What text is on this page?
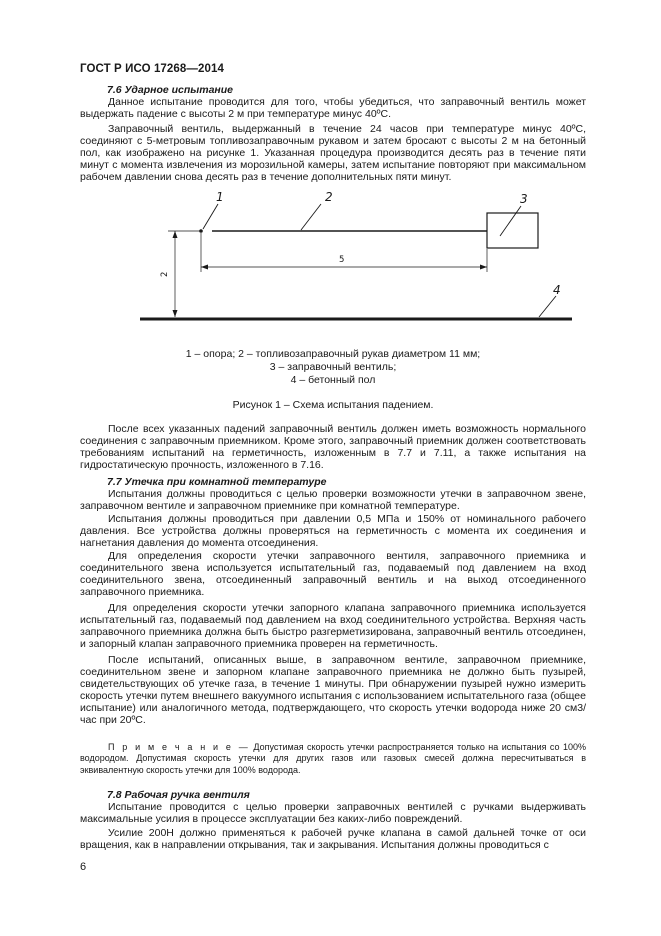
ГОСТ Р ИСО 17268—2014
7.6 Ударное испытание

Данное испытание проводится для того, чтобы убедиться, что заправочный вентиль может выдержать падение с высоты 2 м при температуре минус 40ºС.

Заправочный вентиль, выдержанный в течение 24 часов при температуре минус 40ºС, соединяют с 5-метровым топливозаправочным рукавом и затем бросают с высоты 2 м на бетонный пол, как изображено на рисунке 1. Указанная процедура производится десять раз в течение пяти минут с момента извлечения из морозильной камеры, затем испытание повторяют при максимальном рабочем давлении снова десять раз в течение дополнительных пяти минут.

1	2	3
4
5
2
1 – опора; 2 – топливозаправочный рукав диаметром 11 мм;
3 – заправочный вентиль;
4 – бетонный пол
Рисунок 1 – Схема испытания падением.

После всех указанных падений заправочный вентиль должен иметь возможность нормального соединения с заправочным приемником. Кроме этого, заправочный приемник должен соответствовать требованиям испытаний на герметичность, изложенным в 7.7 и 7.11, а также испытания на гидростатическую прочность, изложенного в 7.16.

7.7 Утечка при комнатной температуре

Испытания должны проводиться с целью проверки возможности утечки в заправочном звене, заправочном вентиле и заправочном приемнике при комнатной температуре.

Испытания должны проводиться при давлении 0,5 МПа и 150% от номинального рабочего давления. Все устройства должны проверяться на герметичность с момента их соединения и нагнетания давления до момента отсоединения.

Для определения скорости утечки заправочного вентиля, заправочного приемника и соединительного звена используется испытательный газ, подаваемый под давлением на вход соединительного звена, отсоединенный заправочный вентиль и на выход отсоединенного заправочного приемника.

Для определения скорости утечки запорного клапана заправочного приемника используется испытательный газ, подаваемый под давлением на вход соединительного устройства. Верхняя часть заправочного приемника должна быть быстро разгерметизирована, заправочный вентиль отсоединен, и запорный клапан заправочного приемника проверен на герметичность.

После испытаний, описанных выше, в заправочном вентиле, заправочном приемнике, соединительном звене и запорном клапане заправочного приемника не должно быть пузырей, свидетельствующих об утечке газа, в течение 1 минуты. При обнаружении пузырей нужно измерить скорость утечки путем внешнего вакуумного испытания с использованием испытательного газа (общее испытание) или аналогичного метода, подтверждающего, что скорость утечки водорода ниже 20 см3/час при 20ºС.

П р и м е ч а н и е — Допустимая скорость утечки распространяется только на испытания со 100% водородом. Допустимая скорость утечки для других газов или газовых смесей должна пересчитываться в эквивалентную скорость утечки для 100% водорода.

7.8 Рабочая ручка вентиля

Испытание проводится с целью проверки заправочных вентилей с ручками выдерживать максимальные усилия в процессе эксплуатации без каких-либо повреждений.

Усилие 200Н должно применяться к рабочей ручке клапана в самой дальней точке от оси вращения, как в направлении открывания, так и закрывания. Испытания должны проводиться с

6
